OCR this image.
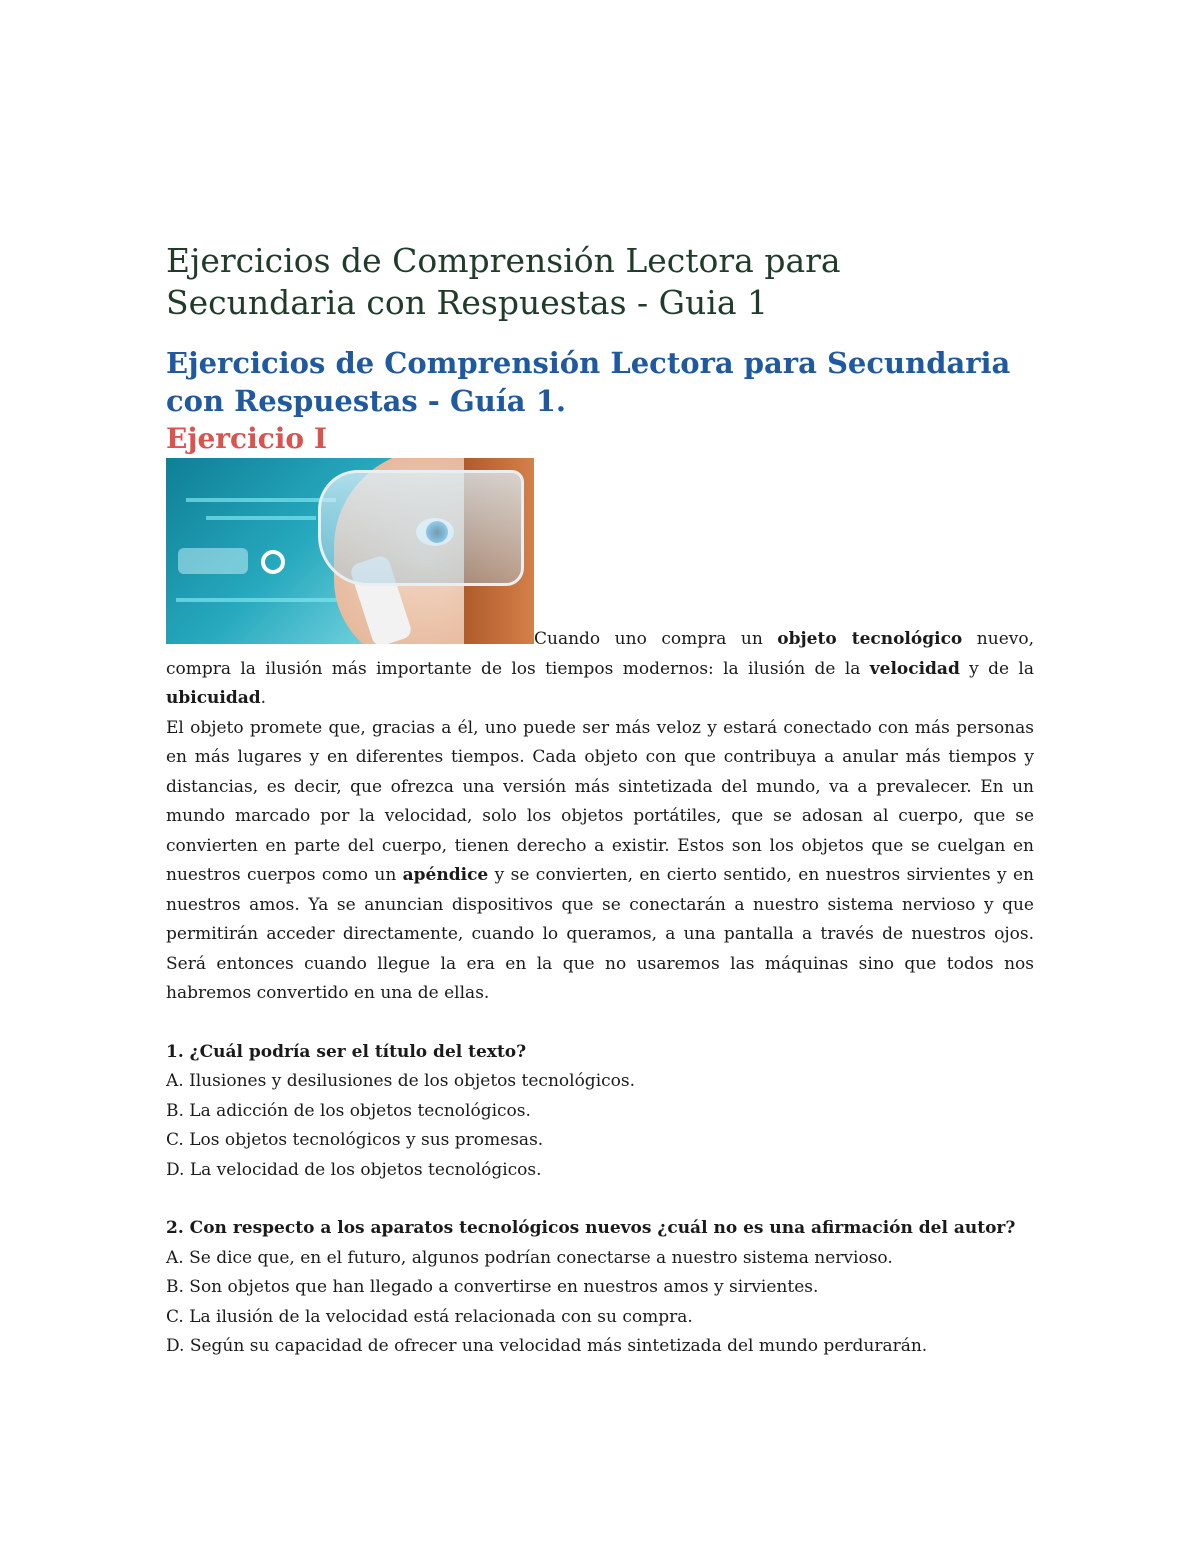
Ejercicios de Comprensión Lectora para Secundaria con Respuestas - Guia 1
Ejercicios de Comprensión Lectora para Secundaria con Respuestas - Guía 1.
Ejercicio I

Cuando uno compra un objeto tecnológico nuevo, compra la ilusión más importante de los tiempos modernos: la ilusión de la velocidad y de la ubicuidad.

El objeto promete que, gracias a él, uno puede ser más veloz y estará conectado con más personas en más lugares y en diferentes tiempos. Cada objeto con que contribuya a anular más tiempos y distancias, es decir, que ofrezca una versión más sintetizada del mundo, va a prevalecer. En un mundo marcado por la velocidad, solo los objetos portátiles, que se adosan al cuerpo, que se convierten en parte del cuerpo, tienen derecho a existir. Estos son los objetos que se cuelgan en nuestros cuerpos como un apéndice y se convierten, en cierto sentido, en nuestros sirvientes y en nuestros amos. Ya se anuncian dispositivos que se conectarán a nuestro sistema nervioso y que permitirán acceder directamente, cuando lo queramos, a una pantalla a través de nuestros ojos. Será entonces cuando llegue la era en la que no usaremos las máquinas sino que todos nos habremos convertido en una de ellas.

1. ¿Cuál podría ser el título del texto?

A. Ilusiones y desilusiones de los objetos tecnológicos.

B. La adicción de los objetos tecnológicos.

C. Los objetos tecnológicos y sus promesas.

D. La velocidad de los objetos tecnológicos.

2. Con respecto a los aparatos tecnológicos nuevos ¿cuál no es una afirmación del autor?

A. Se dice que, en el futuro, algunos podrían conectarse a nuestro sistema nervioso.

B. Son objetos que han llegado a convertirse en nuestros amos y sirvientes.

C. La ilusión de la velocidad está relacionada con su compra.

D. Según su capacidad de ofrecer una velocidad más sintetizada del mundo perdurarán.
